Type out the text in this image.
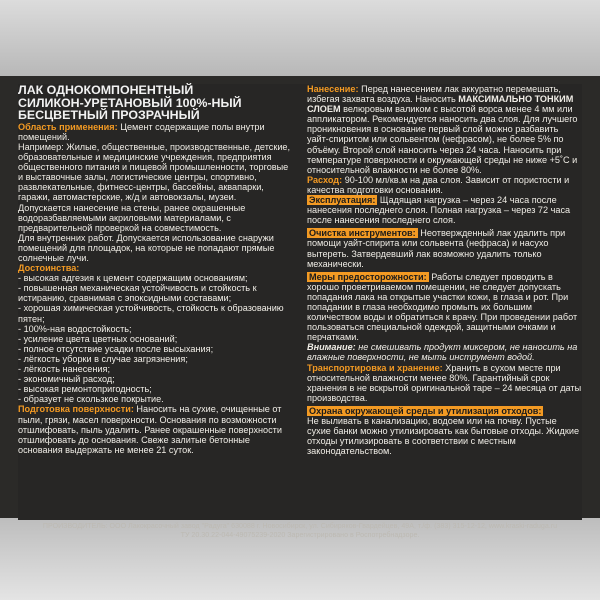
ЛАК ОДНОКОМПОНЕНТНЫЙ
СИЛИКОН-УРЕТАНОВЫЙ 100%-НЫЙ
БЕСЦВЕТНЫЙ ПРОЗРАЧНЫЙ

Область применения: Цемент содержащие полы внутри помещений.

Например: Жилые, общественные, производственные, детские, образовательные и медицинские учреждения, предприятия общественного питания и пищевой промышленности, торговые и выставочные залы, логистические центры, спортивно, развлекательные, фитнесс-центры, бассейны, аквапарки, гаражи, автомастерские, ж/д и автовокзалы, музеи.

Допускается нанесение на стены, ранее окрашенные водоразбавляемыми акриловыми материалами, с предварительной проверкой на совместимость.

Для внутренних работ. Допускается использование снаружи помещений для площадок, на которые не попадают прямые солнечные лучи.

Достоинства:

- высокая адгезия к цемент содержащим основаниям;

- повышенная механическая устойчивость и стойкость к истиранию, сравнимая с эпоксидными составами;

- хорошая химическая устойчивость, стойкость к образованию пятен;

- 100%-ная водостойкость;

- усиление цвета цветных оснований;

- полное отсутствие усадки после высыхания;

- лёгкость уборки в случае загрязнения;

- лёгкость нанесения;

- экономичный расход;

- высокая ремонтопригодность;

- образует не скользкое покрытие.

Подготовка поверхности: Наносить на сухие, очищенные от пыли, грязи, масел поверхности. Основания по возможности отшлифовать, пыль удалить. Ранее окрашенные поверхности отшлифовать до основания. Свеже залитые бетонные основания выдержать не менее 21 суток.

Нанесение: Перед нанесением лак аккуратно перемешать, избегая захвата воздуха. Наносить МАКСИМАЛЬНО ТОНКИМ СЛОЕМ велюровым валиком с высотой ворса менее 4 мм или аппликатором. Рекомендуется наносить два слоя. Для лучшего проникновения в основание первый слой можно разбавить уайт-спиритом или сольвентом (нефрасом), не более 5% по объёму. Второй слой наносить через 24 часа. Наносить при температуре поверхности и окружающей среды не ниже +5˚С и относительной влажности не более 80%.

Расход: 90-100 мл/кв.м на два слоя. Зависит от пористости и качества подготовки основания.

Эксплуатация: Щадящая нагрузка – через 24 часа после нанесения последнего слоя. Полная нагрузка – через 72 часа после нанесения последнего слоя.

Очистка инструментов: Неотвержденный лак удалить при помощи уайт-спирита или сольвента (нефраса) и насухо вытереть. Затвердевший лак возможно удалить только механически.

Меры предосторожности: Работы следует проводить в хорошо проветриваемом помещении, не следует допускать попадания лака на открытые участки кожи, в глаза и рот. При попадании в глаза необходимо промыть их большим количеством воды и обратиться к врачу. При проведении работ пользоваться специальной одеждой, защитными очками и перчатками.

Внимание: не смешивать продукт миксером, не наносить на влажные поверхности, не мыть инструмент водой.

Транспортировка и хранение: Хранить в сухом месте при относительной влажности менее 80%. Гарантийный срок хранения в не вскрытой оригинальной таре – 24 месяца от даты производства.

Охрана окружающей среды и утилизация отходов:

Не выливать в канализацию, водоем или на почву. Пустые сухие банки можно утилизировать как бытовые отходы. Жидкие отходы утилизировать в соответствии с местным законодательством.

ПРОИЗВОДИТЕЛЬ: ООО Лакокрасочный завод "Радуга" 630088 г. Новосибирск, ул. Сибиряков-Гвардейцев, 49А, т./ф. (383) 315-12-12, www.kraski-raduga.ru
ТУ 20.30.22-044-49075239-2020 Зарегистрировано в Роспотребнадзоре.
